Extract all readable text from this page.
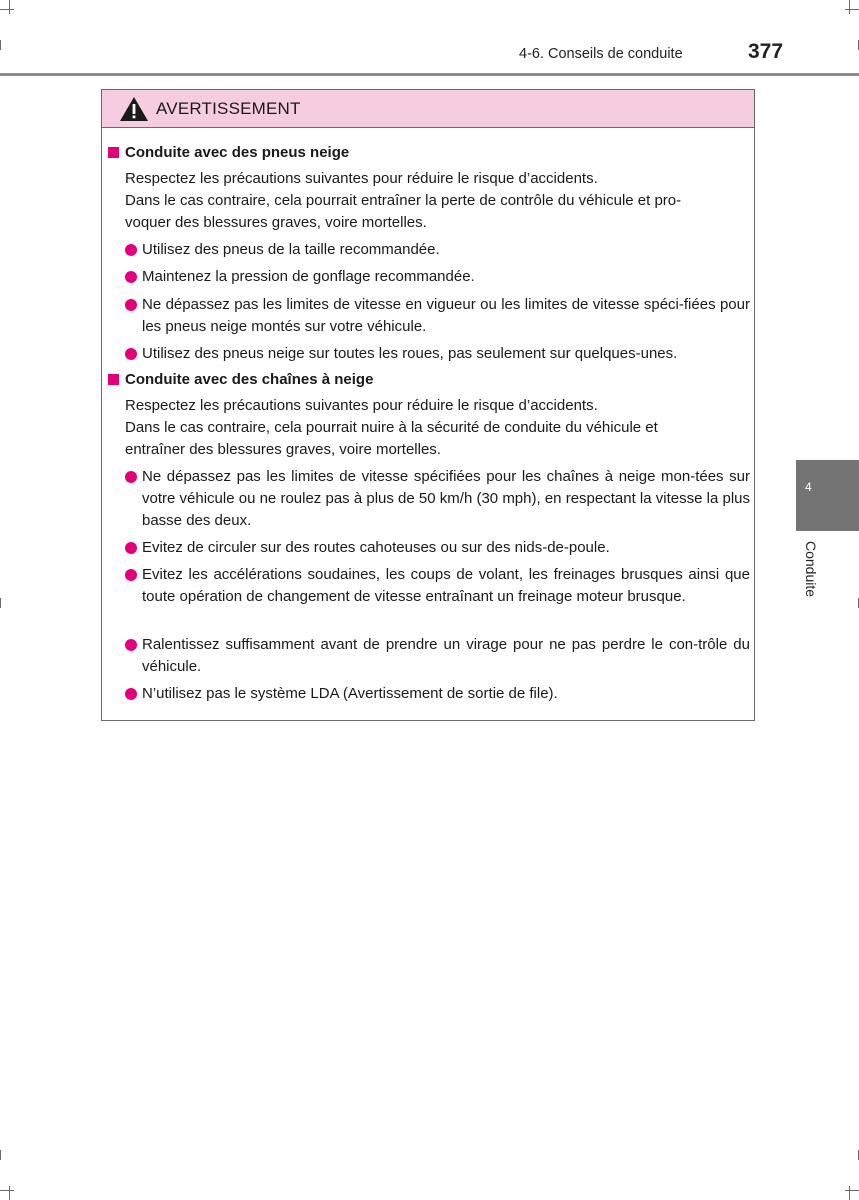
4-6. Conseils de conduite	377
4
Conduite
AVERTISSEMENT
Conduite avec des pneus neige
Respectez les précautions suivantes pour réduire le risque d’accidents.
Dans le cas contraire, cela pourrait entraîner la perte de contrôle du véhicule et pro-
voquer des blessures graves, voire mortelles.
Utilisez des pneus de la taille recommandée.
Maintenez la pression de gonflage recommandée.
Ne dépassez pas les limites de vitesse en vigueur ou les limites de vitesse spéci-fiées pour les pneus neige montés sur votre véhicule.
Utilisez des pneus neige sur toutes les roues, pas seulement sur quelques-unes.
Conduite avec des chaînes à neige
Respectez les précautions suivantes pour réduire le risque d’accidents.
Dans le cas contraire, cela pourrait nuire à la sécurité de conduite du véhicule et
entraîner des blessures graves, voire mortelles.
Ne dépassez pas les limites de vitesse spécifiées pour les chaînes à neige mon-tées sur votre véhicule ou ne roulez pas à plus de 50 km/h (30 mph), en respectant la vitesse la plus basse des deux.
Evitez de circuler sur des routes cahoteuses ou sur des nids-de-poule.
Evitez les accélérations soudaines, les coups de volant, les freinages brusques ainsi que toute opération de changement de vitesse entraînant un freinage moteur brusque.
Ralentissez suffisamment avant de prendre un virage pour ne pas perdre le con-trôle du véhicule.
N’utilisez pas le système LDA (Avertissement de sortie de file).
